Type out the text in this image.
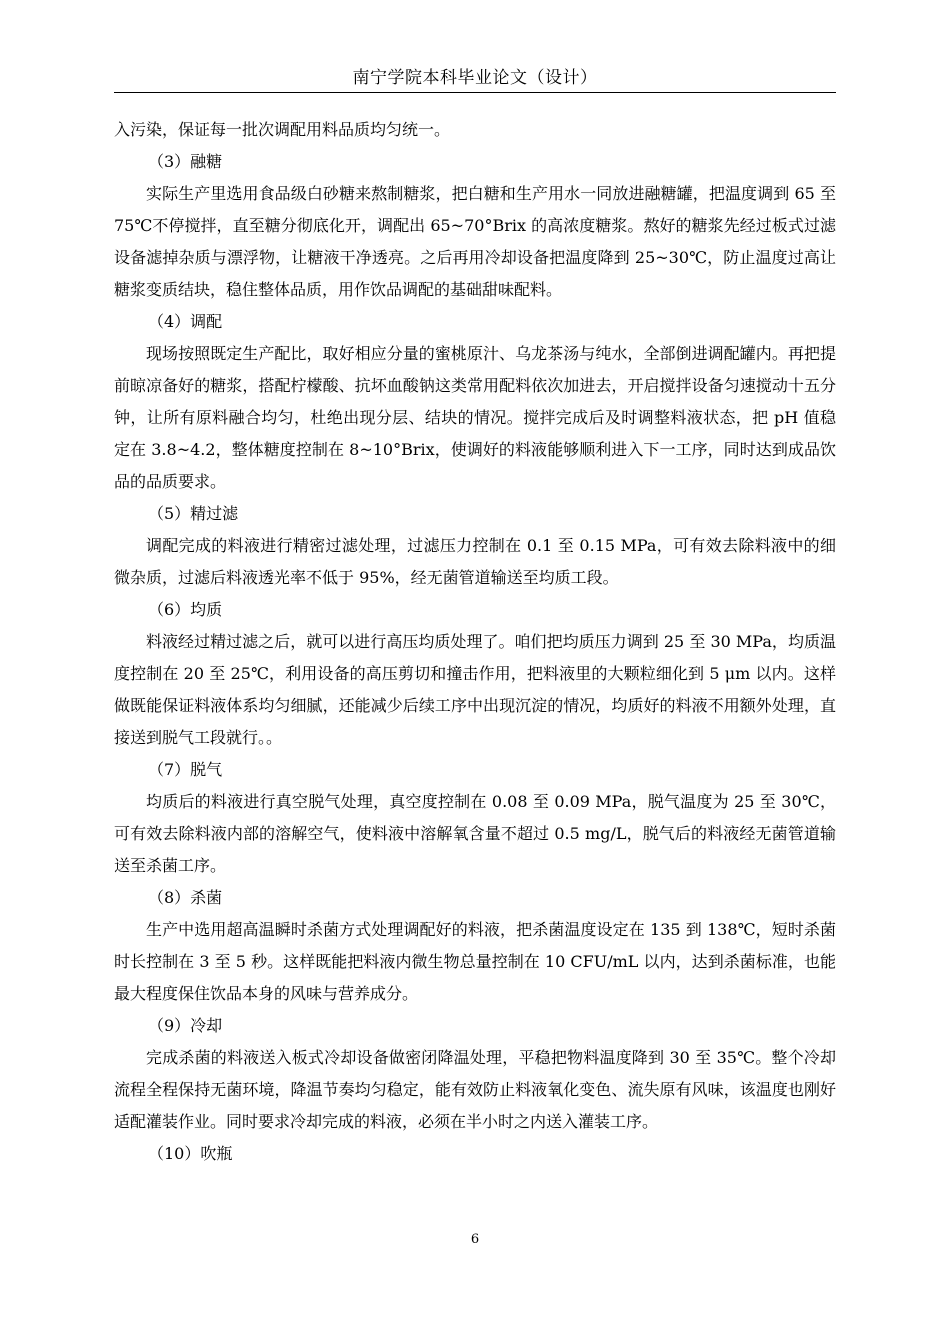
南宁学院本科毕业论文（设计）

入污染，保证每一批次调配用料品质均匀统一。

（3）融糖

实际生产里选用食品级白砂糖来熬制糖浆，把白糖和生产用水一同放进融糖罐，把温度调到 65 至 75℃不停搅拌，直至糖分彻底化开，调配出 65~70°Brix 的高浓度糖浆。熬好的糖浆先经过板式过滤设备滤掉杂质与漂浮物，让糖液干净透亮。之后再用冷却设备把温度降到 25~30℃，防止温度过高让糖浆变质结块，稳住整体品质，用作饮品调配的基础甜味配料。

（4）调配

现场按照既定生产配比，取好相应分量的蜜桃原汁、乌龙茶汤与纯水，全部倒进调配罐内。再把提前晾凉备好的糖浆，搭配柠檬酸、抗坏血酸钠这类常用配料依次加进去，开启搅拌设备匀速搅动十五分钟，让所有原料融合均匀，杜绝出现分层、结块的情况。搅拌完成后及时调整料液状态，把 pH 值稳定在 3.8~4.2，整体糖度控制在 8~10°Brix，使调好的料液能够顺利进入下一工序，同时达到成品饮品的品质要求。

（5）精过滤

调配完成的料液进行精密过滤处理，过滤压力控制在 0.1 至 0.15 MPa，可有效去除料液中的细微杂质，过滤后料液透光率不低于 95%，经无菌管道输送至均质工段。

（6）均质

料液经过精过滤之后，就可以进行高压均质处理了。咱们把均质压力调到 25 至 30 MPa，均质温度控制在 20 至 25℃，利用设备的高压剪切和撞击作用，把料液里的大颗粒细化到 5 μm 以内。这样做既能保证料液体系均匀细腻，还能减少后续工序中出现沉淀的情况，均质好的料液不用额外处理，直接送到脱气工段就行。。

（7）脱气

均质后的料液进行真空脱气处理，真空度控制在 0.08 至 0.09 MPa，脱气温度为 25 至 30℃，可有效去除料液内部的溶解空气，使料液中溶解氧含量不超过 0.5 mg/L，脱气后的料液经无菌管道输送至杀菌工序。

（8）杀菌

生产中选用超高温瞬时杀菌方式处理调配好的料液，把杀菌温度设定在 135 到 138℃，短时杀菌时长控制在 3 至 5 秒。这样既能把料液内微生物总量控制在 10 CFU/mL 以内，达到杀菌标准，也能最大程度保住饮品本身的风味与营养成分。

（9）冷却

完成杀菌的料液送入板式冷却设备做密闭降温处理，平稳把物料温度降到 30 至 35℃。整个冷却流程全程保持无菌环境，降温节奏均匀稳定，能有效防止料液氧化变色、流失原有风味，该温度也刚好适配灌装作业。同时要求冷却完成的料液，必须在半小时之内送入灌装工序。

（10）吹瓶

6
